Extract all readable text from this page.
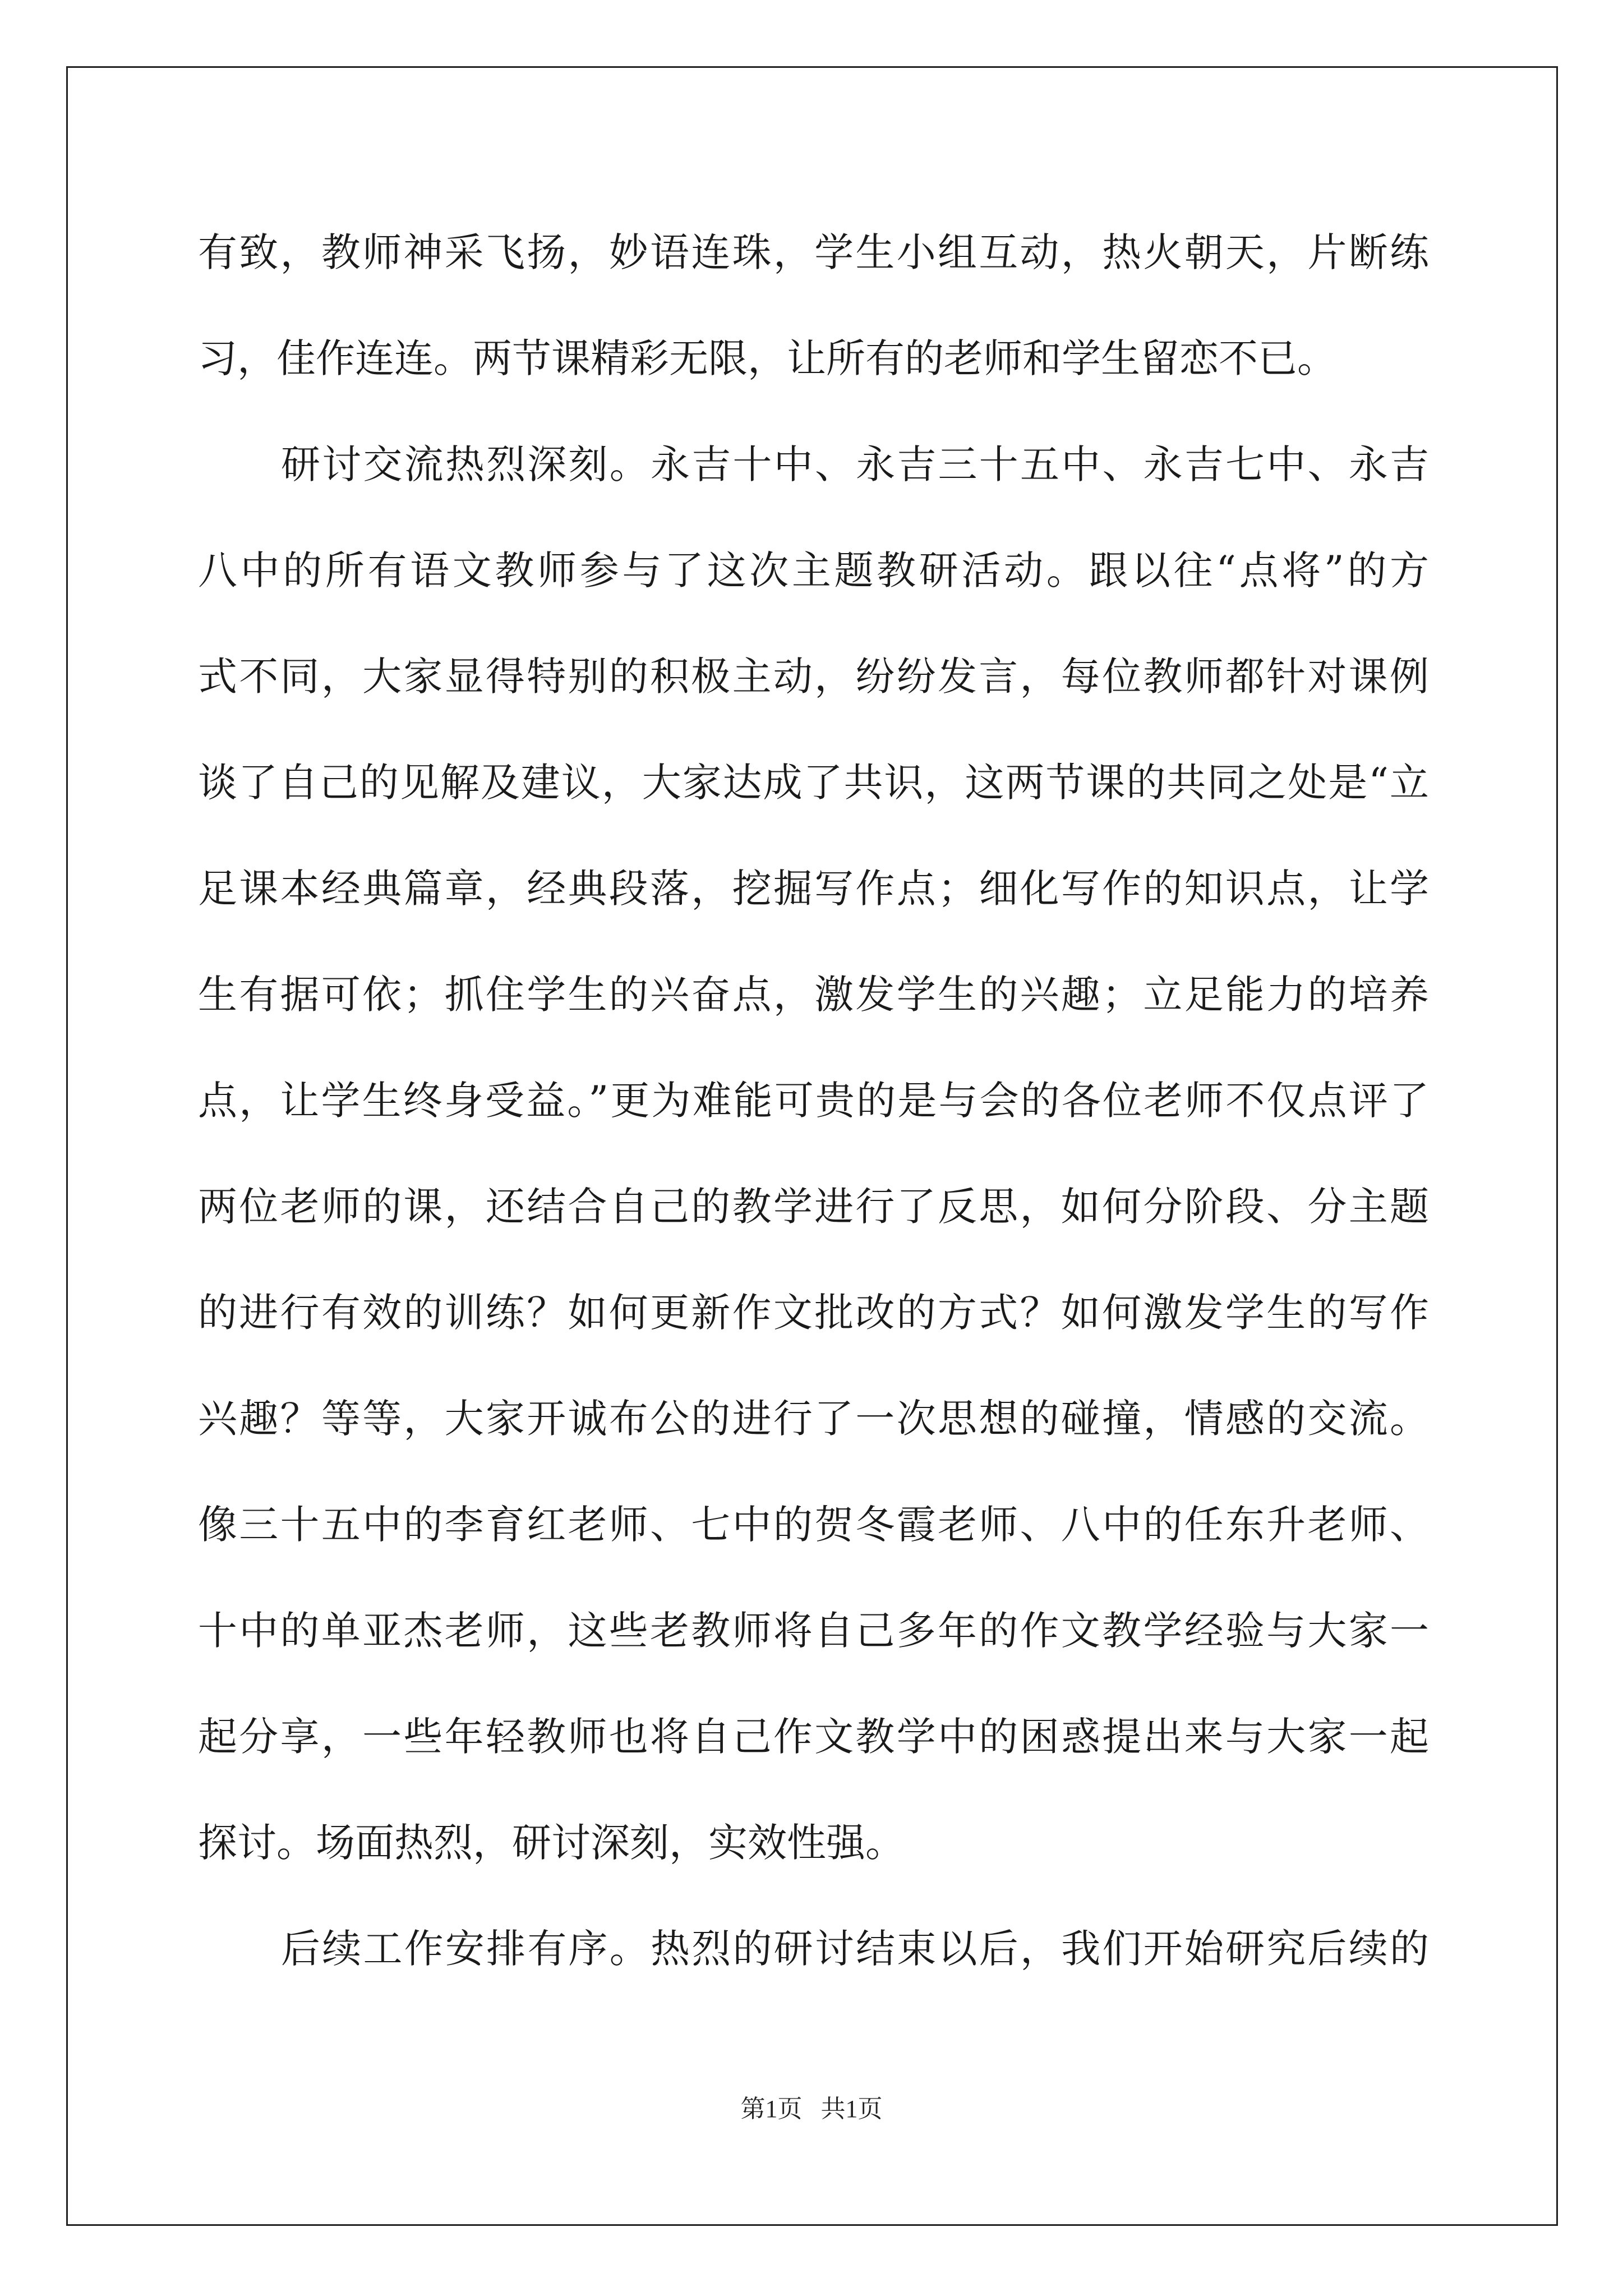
有致，教师神采飞扬，妙语连珠，学生小组互动，热火朝天，片断练
习，佳作连连。两节课精彩无限，让所有的老师和学生留恋不已。
研讨交流热烈深刻。永吉十中、永吉三十五中、永吉七中、永吉
八中的所有语文教师参与了这次主题教研活动。跟以往“点将”的方
式不同，大家显得特别的积极主动，纷纷发言，每位教师都针对课例
谈了自己的见解及建议，大家达成了共识，这两节课的共同之处是“立
足课本经典篇章，经典段落，挖掘写作点；细化写作的知识点，让学
生有据可依；抓住学生的兴奋点，激发学生的兴趣；立足能力的培养
点，让学生终身受益。”更为难能可贵的是与会的各位老师不仅点评了
两位老师的课，还结合自己的教学进行了反思，如何分阶段、分主题
的进行有效的训练？如何更新作文批改的方式？如何激发学生的写作
兴趣？等等，大家开诚布公的进行了一次思想的碰撞，情感的交流。
像三十五中的李育红老师、七中的贺冬霞老师、八中的任东升老师、
十中的单亚杰老师，这些老教师将自己多年的作文教学经验与大家一
起分享，一些年轻教师也将自己作文教学中的困惑提出来与大家一起
探讨。场面热烈，研讨深刻，实效性强。
后续工作安排有序。热烈的研讨结束以后，我们开始研究后续的
第1页 共1页
